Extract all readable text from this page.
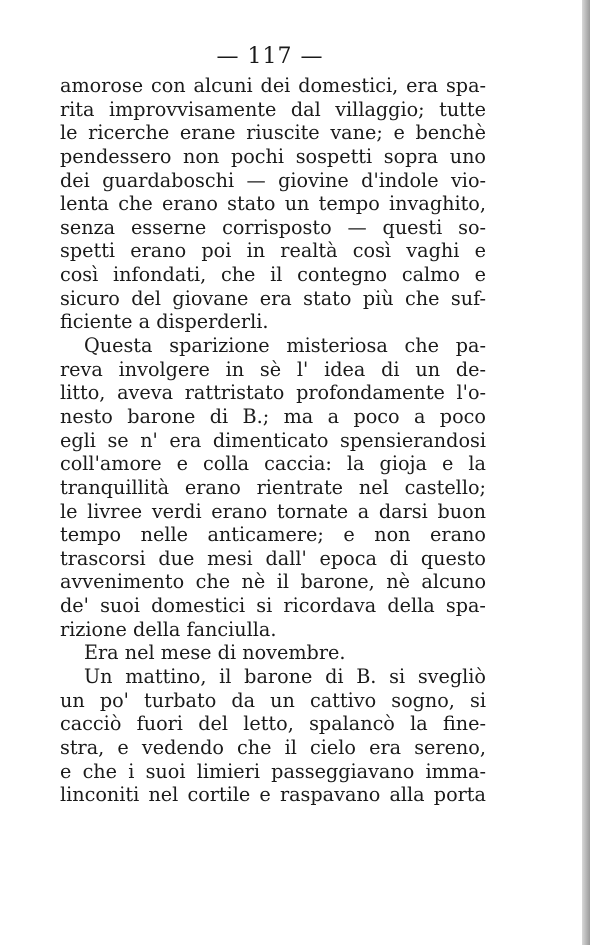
— 117 —
amorose con alcuni dei domestici, era spa-
rita improvvisamente dal villaggio; tutte
le ricerche erane riuscite vane; e benchè
pendessero non pochi sospetti sopra uno
dei guardaboschi — giovine d'indole vio-
lenta che erano stato un tempo invaghito,
senza esserne corrisposto — questi so-
spetti erano poi in realtà così vaghi e
così infondati, che il contegno calmo e
sicuro del giovane era stato più che suf-
ficiente a disperderli.
Questa sparizione misteriosa che pa-
reva involgere in sè l' idea di un de-
litto, aveva rattristato profondamente l'o-
nesto barone di B.; ma a poco a poco
egli se n' era dimenticato spensierandosi
coll'amore e colla caccia: la gioja e la
tranquillità erano rientrate nel castello;
le livree verdi erano tornate a darsi buon
tempo nelle anticamere; e non erano
trascorsi due mesi dall' epoca di questo
avvenimento che nè il barone, nè alcuno
de' suoi domestici si ricordava della spa-
rizione della fanciulla.
Era nel mese di novembre.
Un mattino, il barone di B. si svegliò
un po' turbato da un cattivo sogno, si
cacciò fuori del letto, spalancò la fine-
stra, e vedendo che il cielo era sereno,
e che i suoi limieri passeggiavano imma-
linconiti nel cortile e raspavano alla porta
